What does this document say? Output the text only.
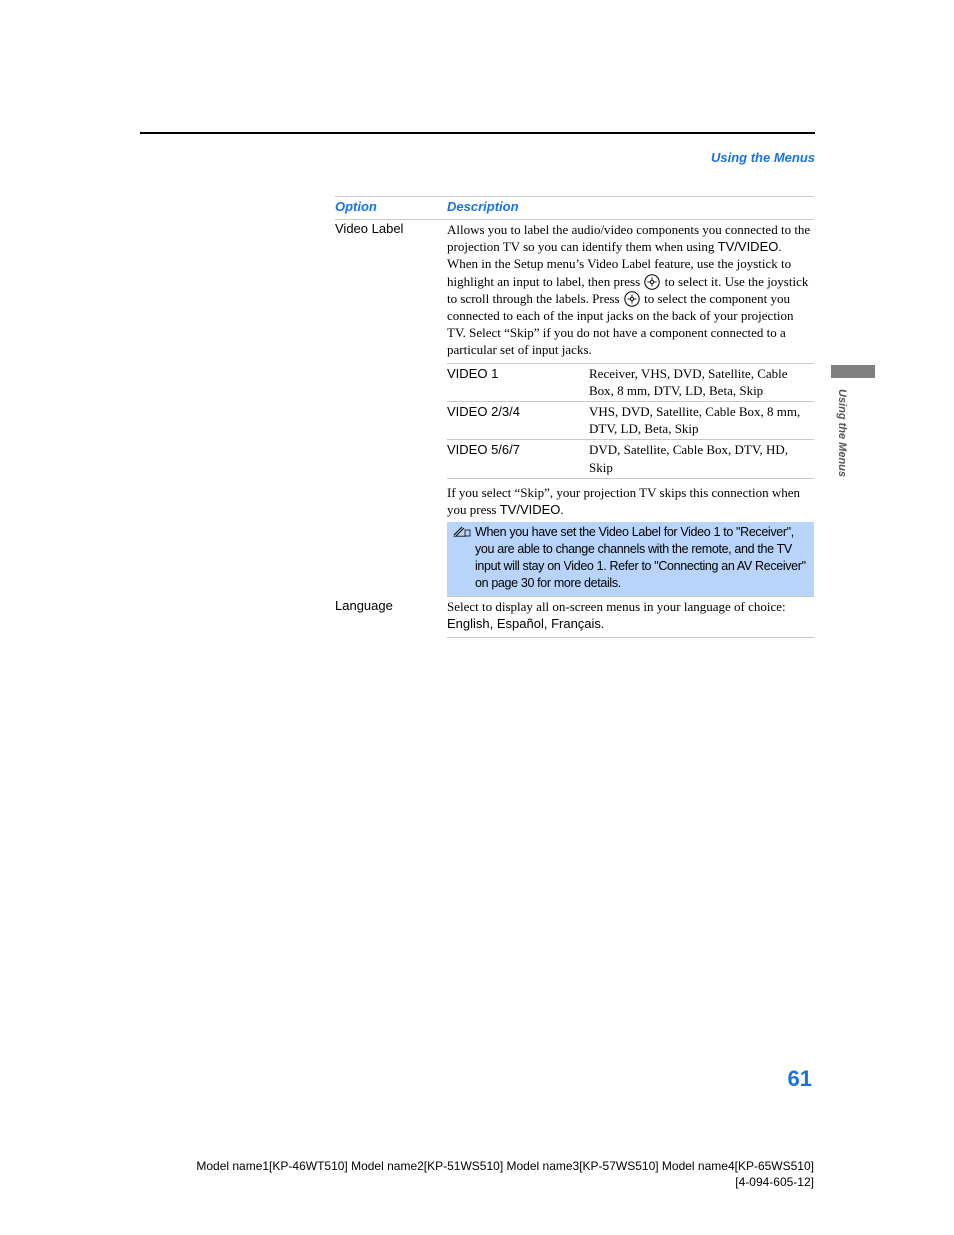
Using the Menus
Using the Menus
Option	Description
Video Label	Allows you to label the audio/video components you connected to the projection TV so you can identify them when using TV/VIDEO. When in the Setup menu’s Video Label feature, use the joystick to highlight an input to label, then press  to select it. Use the joystick to scroll through the labels. Press  to select the component you connected to each of the input jacks on the back of your projection TV. Select “Skip” if you do not have a component connected to a particular set of input jacks.

VIDEO 1	Receiver, VHS, DVD, Satellite, Cable Box, 8 mm, DTV, LD, Beta, Skip
VIDEO 2/3/4	VHS, DVD, Satellite, Cable Box, 8 mm, DTV, LD, Beta, Skip
VIDEO 5/6/7	DVD, Satellite, Cable Box, DTV, HD, Skip
If you select “Skip”, your projection TV skips this connection when you press TV/VIDEO.
When you have set the Video Label for Video 1 to "Receiver", you are able to change channels with the remote, and the TV input will stay on Video 1. Refer to "Connecting an AV Receiver" on page 30 for more details.
Language	Select to display all on-screen menus in your language of choice: English, Español, Français.
61
Model name1[KP-46WT510] Model name2[KP-51WS510] Model name3[KP-57WS510] Model name4[KP-65WS510]
[4-094-605-12]
